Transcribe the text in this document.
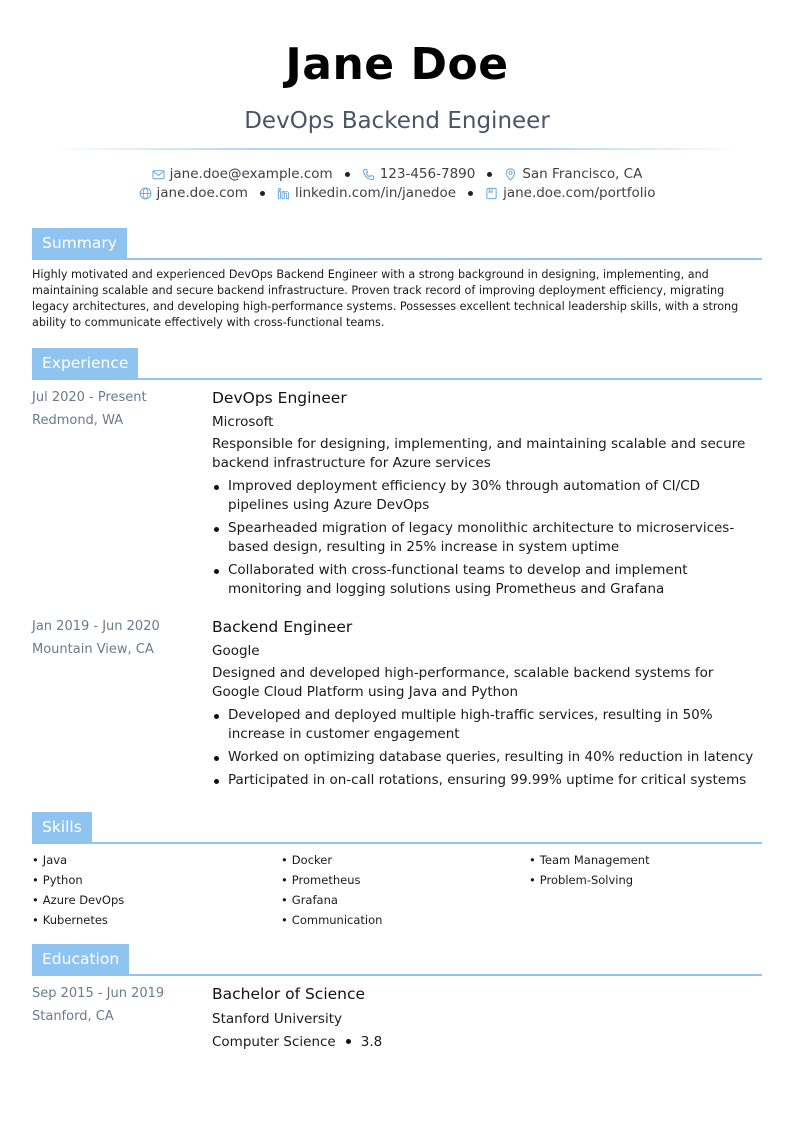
Jane Doe
DevOps Backend Engineer
jane.doe@example.com	123-456-7890	San Francisco, CA
jane.doe.com	linkedin.com/in/janedoe	jane.doe.com/portfolio
Summary

Highly motivated and experienced DevOps Backend Engineer with a strong background in designing, implementing, and maintaining scalable and secure backend infrastructure. Proven track record of improving deployment efficiency, migrating legacy architectures, and developing high-performance systems. Possesses excellent technical leadership skills, with a strong ability to communicate effectively with cross-functional teams.

Experience
Jul 2020 - Present
Redmond, WA
DevOps Engineer
Microsoft
Responsible for designing, implementing, and maintaining scalable and secure backend infrastructure for Azure services
Improved deployment efficiency by 30% through automation of CI/CD pipelines using Azure DevOps
Spearheaded migration of legacy monolithic architecture to microservices-based design, resulting in 25% increase in system uptime
Collaborated with cross-functional teams to develop and implement monitoring and logging solutions using Prometheus and Grafana
Jan 2019 - Jun 2020
Mountain View, CA
Backend Engineer
Google
Designed and developed high-performance, scalable backend systems for Google Cloud Platform using Java and Python
Developed and deployed multiple high-traffic services, resulting in 50% increase in customer engagement
Worked on optimizing database queries, resulting in 40% reduction in latency
Participated in on-call rotations, ensuring 99.99% uptime for critical systems
Skills
• Java
• Python
• Azure DevOps
• Kubernetes
• Docker
• Prometheus
• Grafana
• Communication
• Team Management
• Problem-Solving
Education
Sep 2015 - Jun 2019
Stanford, CA
Bachelor of Science
Stanford University
Computer Science 3.8
